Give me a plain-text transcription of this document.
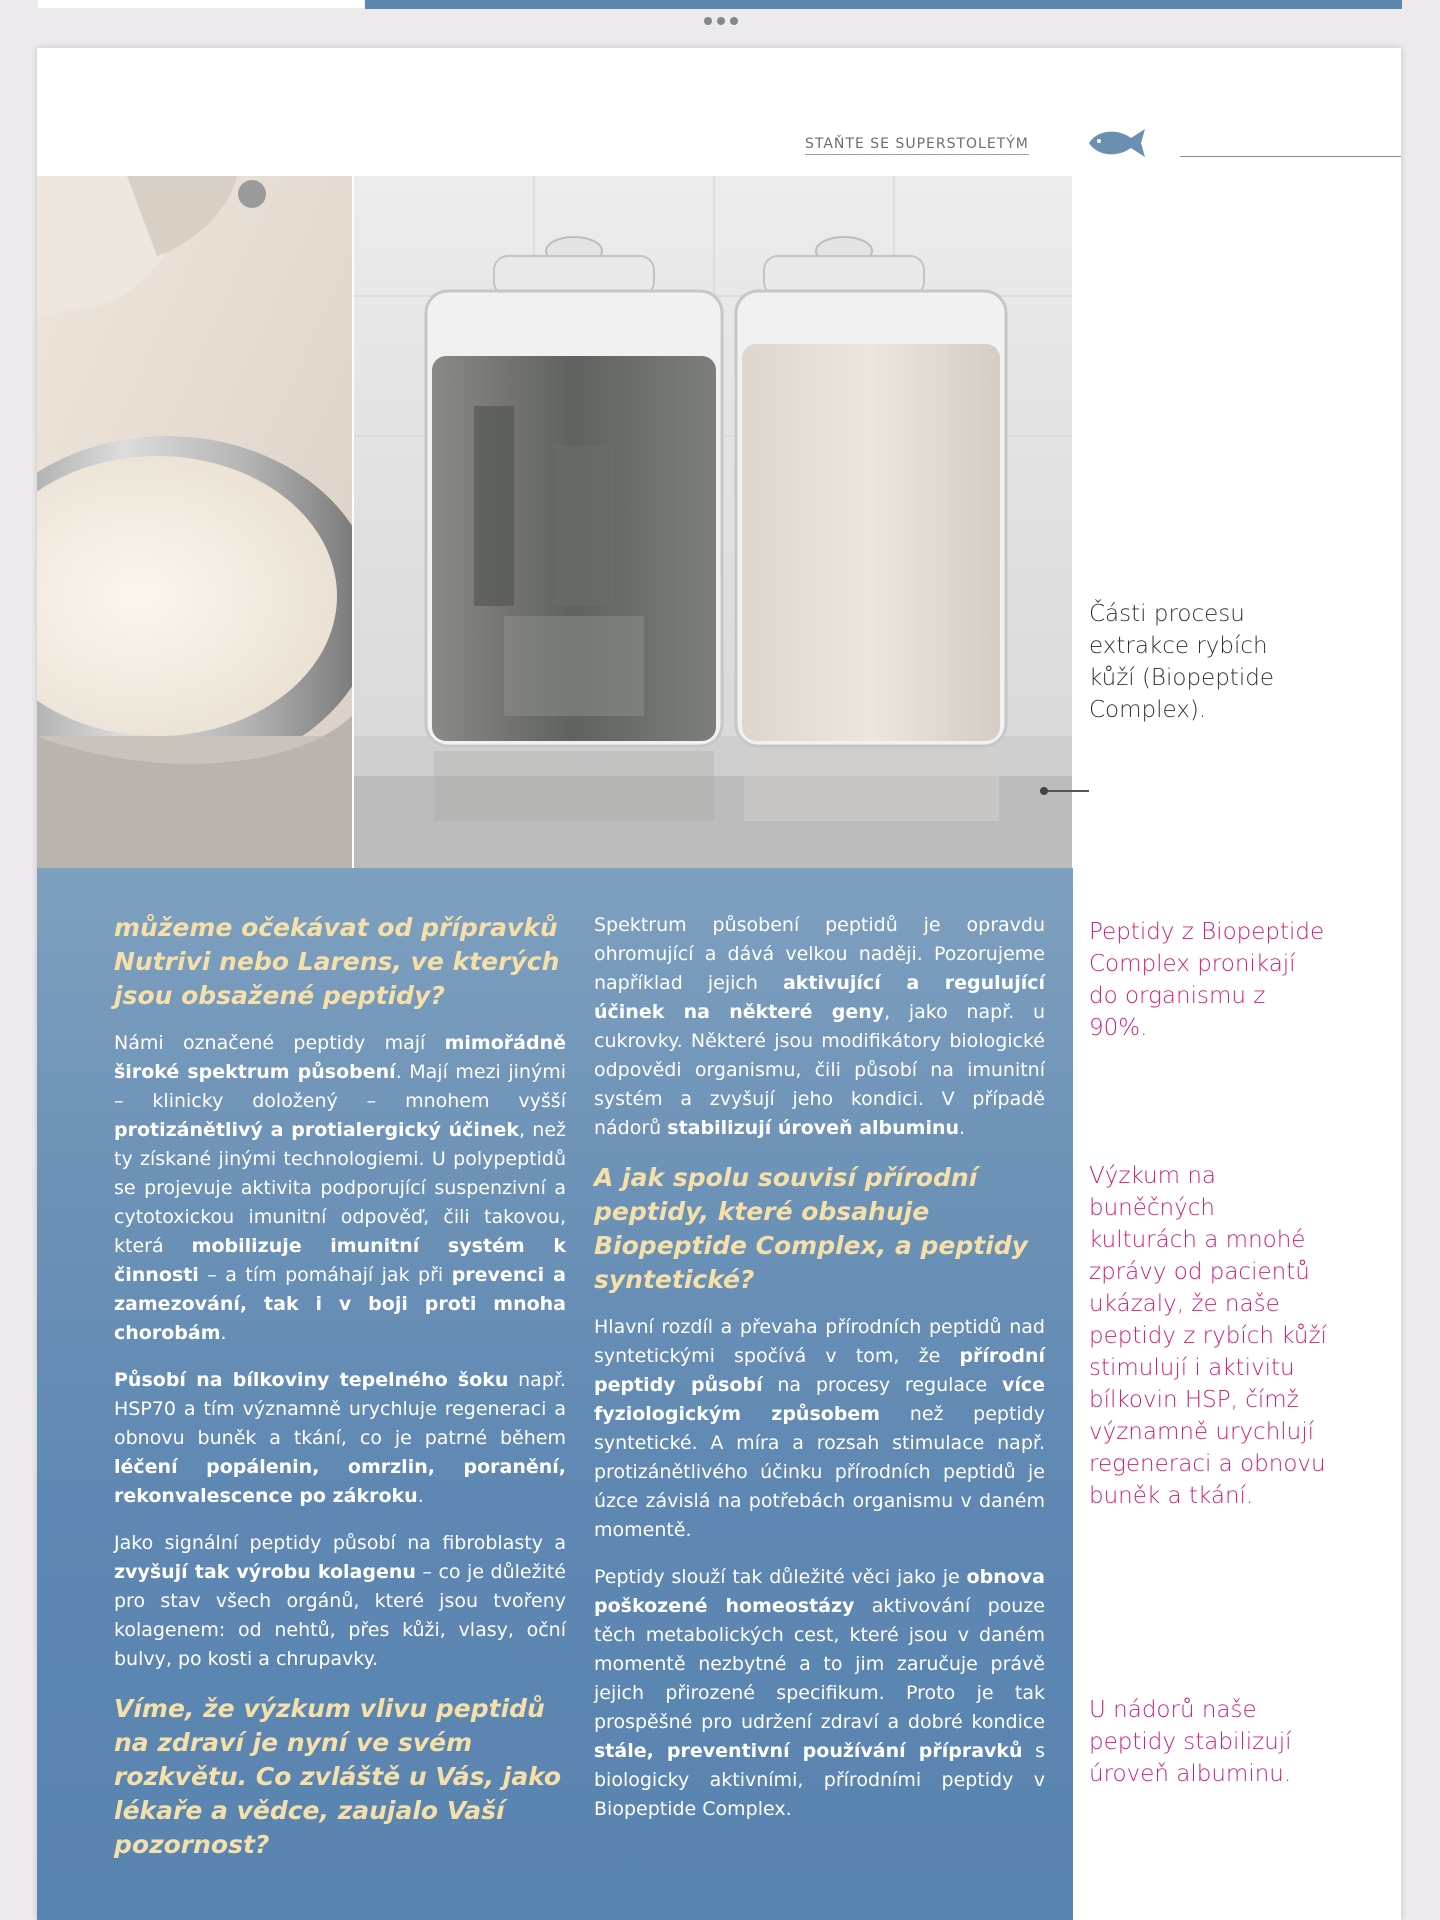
STAŇTE SE SUPERSTOLETÝM
Části procesu extrakce rybích kůží (Biopeptide Complex).
můžeme očekávat od přípravků Nutrivi nebo Larens, ve kterých jsou obsažené peptidy?

Námi označené peptidy mají mimořádně široké spektrum působení. Mají mezi jinými – klinicky doložený – mnohem vyšší protizánětlivý a protialergický účinek, než ty získané jinými technologiemi. U polypeptidů se projevuje aktivita podporující suspenzivní a cytotoxickou imunitní odpověď, čili takovou, která mobilizuje imunitní systém k činnosti – a tím pomáhají jak při prevenci a zamezování, tak i v boji proti mnoha chorobám.

Působí na bílkoviny tepelného šoku např. HSP70 a tím významně urychluje regeneraci a obnovu buněk a tkání, co je patrné během léčení popálenin, omrzlin, poranění, rekonvalescence po zákroku.

Jako signální peptidy působí na fibroblasty a zvyšují tak výrobu kolagenu – co je důležité pro stav všech orgánů, které jsou tvořeny kolagenem: od nehtů, přes kůži, vlasy, oční bulvy, po kosti a chrupavky.

Víme, že výzkum vlivu peptidů na zdraví je nyní ve svém rozkvětu. Co zvláště u Vás, jako lékaře a vědce, zaujalo Vaší pozornost?

Spektrum působení peptidů je opravdu ohromující a dává velkou naději. Pozorujeme například jejich aktivující a regulující účinek na některé geny, jako např. u cukrovky. Některé jsou modifikátory biologické odpovědi organismu, čili působí na imunitní systém a zvyšují jeho kondici. V případě nádorů stabilizují úroveň albuminu.

A jak spolu souvisí přírodní peptidy, které obsahuje Biopeptide Complex, a peptidy syntetické?

Hlavní rozdíl a převaha přírodních peptidů nad syntetickými spočívá v tom, že přírodní peptidy působí na procesy regulace více fyziologickým způsobem než peptidy syntetické. A míra a rozsah stimulace např. protizánětlivého účinku přírodních peptidů je úzce závislá na potřebách organismu v daném momentě.

Peptidy slouží tak důležité věci jako je obnova poškozené homeostázy aktivování pouze těch metabolických cest, které jsou v daném momentě nezbytné a to jim zaručuje právě jejich přirozené specifikum. Proto je tak prospěšné pro udržení zdraví a dobré kondice stále, preventivní používání přípravků s biologicky aktivními, přírodními peptidy v Biopeptide Complex.

Peptidy z Biopeptide Complex pronikají do organismu z 90%.
Výzkum na buněčných kulturách a mnohé zprávy od pacientů ukázaly, že naše peptidy z rybích kůží stimulují i aktivitu bílkovin HSP, čímž významně urychlují regeneraci a obnovu buněk a tkání.
U nádorů naše peptidy stabilizují úroveň albuminu.
